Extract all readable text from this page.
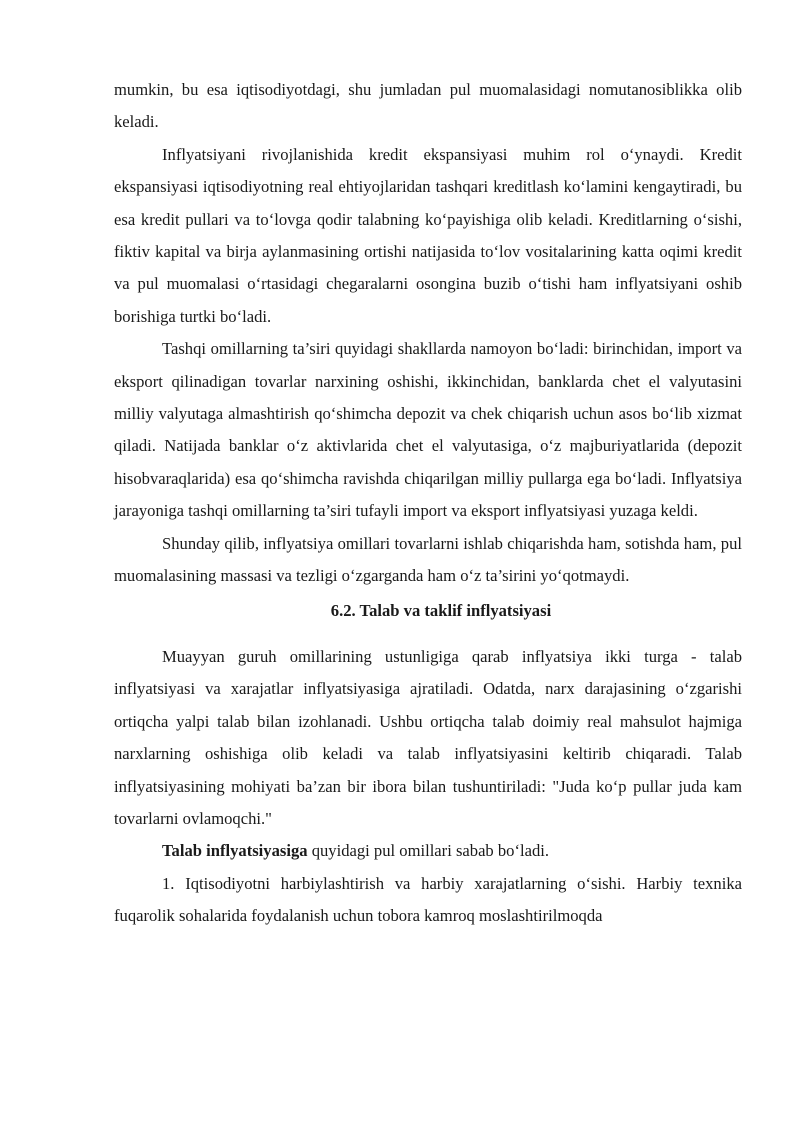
mumkin, bu esa iqtisodiyotdagi, shu jumladan pul muomalasidagi nomutanosiblikka olib keladi.

Inflyatsiyani rivojlanishida kredit ekspansiyasi muhim rol o‘ynaydi. Kredit ekspansiyasi iqtisodiyotning real ehtiyojlaridan tashqari kreditlash ko‘lamini kengaytiradi, bu esa kredit pullari va to‘lovga qodir talabning ko‘payishiga olib keladi. Kreditlarning o‘sishi, fiktiv kapital va birja aylanmasining ortishi natijasida to‘lov vositalarining katta oqimi kredit va pul muomalasi o‘rtasidagi chegaralarni osongina buzib o‘tishi ham inflyatsiyani oshib borishiga turtki bo‘ladi.

Tashqi omillarning ta’siri quyidagi shakllarda namoyon bo‘ladi: birinchidan, import va eksport qilinadigan tovarlar narxining oshishi, ikkinchidan, banklarda chet el valyutasini milliy valyutaga almashtirish qo‘shimcha depozit va chek chiqarish uchun asos bo‘lib xizmat qiladi. Natijada banklar o‘z aktivlarida chet el valyutasiga, o‘z majburiyatlarida (depozit hisobvaraqlarida) esa qo‘shimcha ravishda chiqarilgan milliy pullarga ega bo‘ladi. Inflyatsiya jarayoniga tashqi omillarning ta’siri tufayli import va eksport inflyatsiyasi yuzaga keldi.

Shunday qilib, inflyatsiya omillari tovarlarni ishlab chiqarishda ham, sotishda ham, pul muomalasining massasi va tezligi o‘zgarganda ham o‘z ta’sirini yo‘qotmaydi.

6.2. Talab va taklif inflyatsiyasi

Muayyan guruh omillarining ustunligiga qarab inflyatsiya ikki turga - talab inflyatsiyasi va xarajatlar inflyatsiyasiga ajratiladi. Odatda, narx darajasining o‘zgarishi ortiqcha yalpi talab bilan izohlanadi. Ushbu ortiqcha talab doimiy real mahsulot hajmiga narxlarning oshishiga olib keladi va talab inflyatsiyasini keltirib chiqaradi. Talab inflyatsiyasining mohiyati ba’zan bir ibora bilan tushuntiriladi: "Juda ko‘p pullar juda kam tovarlarni ovlamoqchi."

Talab inflyatsiyasiga quyidagi pul omillari sabab bo‘ladi.

1. Iqtisodiyotni harbiylashtirish va harbiy xarajatlarning o‘sishi. Harbiy texnika fuqarolik sohalarida foydalanish uchun tobora kamroq moslashtirilmoqda
